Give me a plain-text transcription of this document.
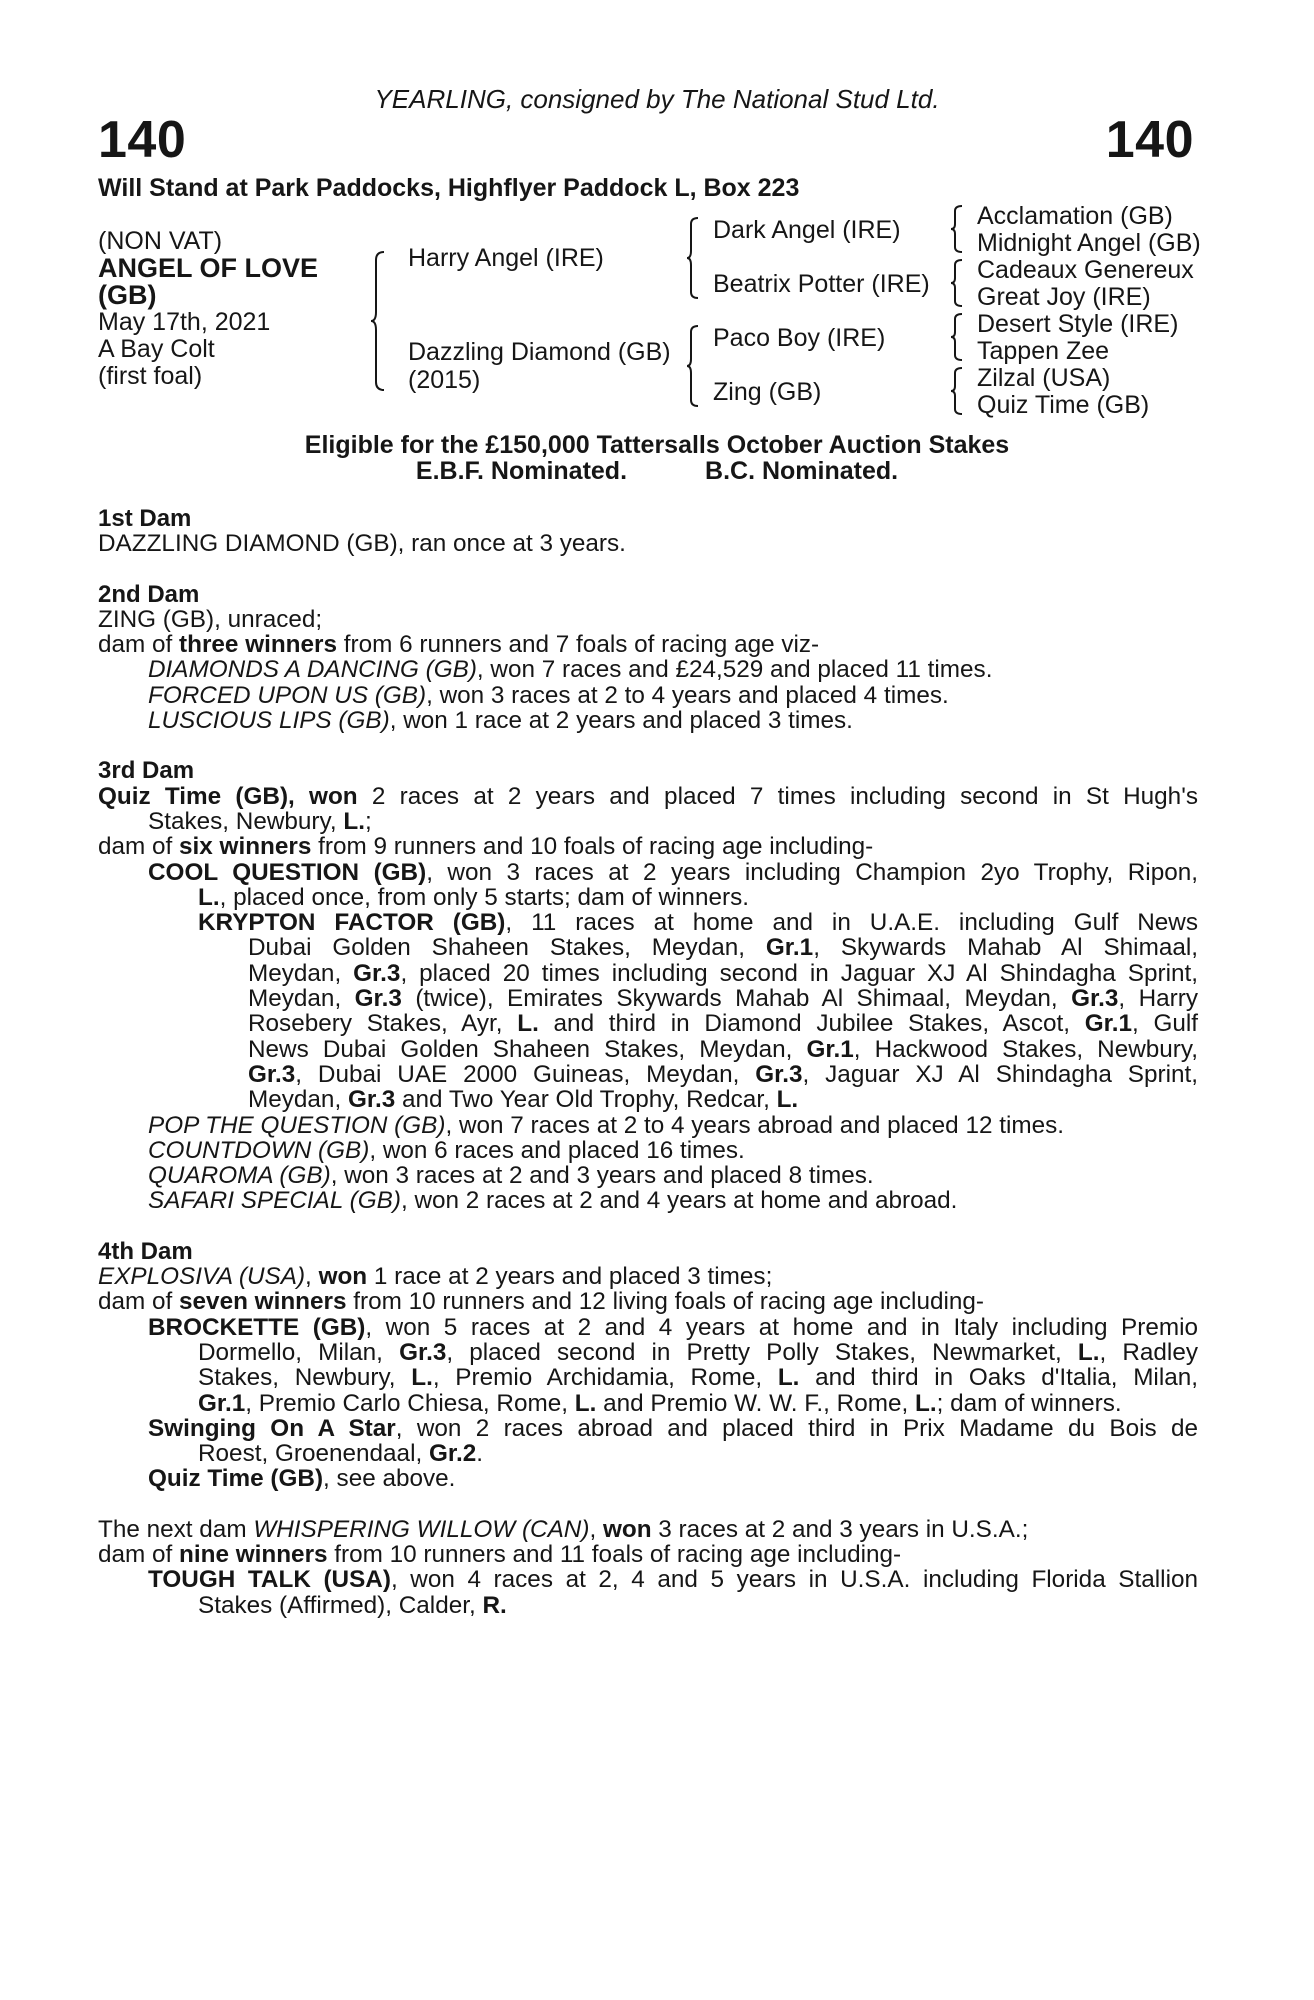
YEARLING, consigned by The National Stud Ltd.
140	140
Will Stand at Park Paddocks, Highflyer Paddock L, Box 223
(NON VAT)
ANGEL OF LOVE
(GB)
May 17th, 2021
A Bay Colt
(first foal)
Harry Angel (IRE)
Dazzling Diamond (GB)
(2015)
Dark Angel (IRE)
Beatrix Potter (IRE)
Paco Boy (IRE)
Zing (GB)
Acclamation (GB)
Midnight Angel (GB)
Cadeaux Genereux
Great Joy (IRE)
Desert Style (IRE)
Tappen Zee
Zilzal (USA)
Quiz Time (GB)
Eligible for the £150,000 Tattersalls October Auction Stakes
E.B.F. Nominated.	B.C. Nominated.

1st Dam

DAZZLING DIAMOND (GB), ran once at 3 years.

2nd Dam

ZING (GB), unraced;

dam of three winners from 6 runners and 7 foals of racing age viz-

DIAMONDS A DANCING (GB), won 7 races and £24,529 and placed 11 times.

FORCED UPON US (GB), won 3 races at 2 to 4 years and placed 4 times.

LUSCIOUS LIPS (GB), won 1 race at 2 years and placed 3 times.

3rd Dam

Quiz Time (GB), won 2 races at 2 years and placed 7 times including second in St Hugh's

Stakes, Newbury, L.;

dam of six winners from 9 runners and 10 foals of racing age including-

COOL QUESTION (GB), won 3 races at 2 years including Champion 2yo Trophy, Ripon,

L., placed once, from only 5 starts; dam of winners.

KRYPTON FACTOR (GB), 11 races at home and in U.A.E. including Gulf News

Dubai Golden Shaheen Stakes, Meydan, Gr.1, Skywards Mahab Al Shimaal,

Meydan, Gr.3, placed 20 times including second in Jaguar XJ Al Shindagha Sprint,

Meydan, Gr.3 (twice), Emirates Skywards Mahab Al Shimaal, Meydan, Gr.3, Harry

Rosebery Stakes, Ayr, L. and third in Diamond Jubilee Stakes, Ascot, Gr.1, Gulf

News Dubai Golden Shaheen Stakes, Meydan, Gr.1, Hackwood Stakes, Newbury,

Gr.3, Dubai UAE 2000 Guineas, Meydan, Gr.3, Jaguar XJ Al Shindagha Sprint,

Meydan, Gr.3 and Two Year Old Trophy, Redcar, L.

POP THE QUESTION (GB), won 7 races at 2 to 4 years abroad and placed 12 times.

COUNTDOWN (GB), won 6 races and placed 16 times.

QUAROMA (GB), won 3 races at 2 and 3 years and placed 8 times.

SAFARI SPECIAL (GB), won 2 races at 2 and 4 years at home and abroad.

4th Dam

EXPLOSIVA (USA), won 1 race at 2 years and placed 3 times;

dam of seven winners from 10 runners and 12 living foals of racing age including-

BROCKETTE (GB), won 5 races at 2 and 4 years at home and in Italy including Premio

Dormello, Milan, Gr.3, placed second in Pretty Polly Stakes, Newmarket, L., Radley

Stakes, Newbury, L., Premio Archidamia, Rome, L. and third in Oaks d'Italia, Milan,

Gr.1, Premio Carlo Chiesa, Rome, L. and Premio W. W. F., Rome, L.; dam of winners.

Swinging On A Star, won 2 races abroad and placed third in Prix Madame du Bois de

Roest, Groenendaal, Gr.2.

Quiz Time (GB), see above.

The next dam WHISPERING WILLOW (CAN), won 3 races at 2 and 3 years in U.S.A.;

dam of nine winners from 10 runners and 11 foals of racing age including-

TOUGH TALK (USA), won 4 races at 2, 4 and 5 years in U.S.A. including Florida Stallion

Stakes (Affirmed), Calder, R.
